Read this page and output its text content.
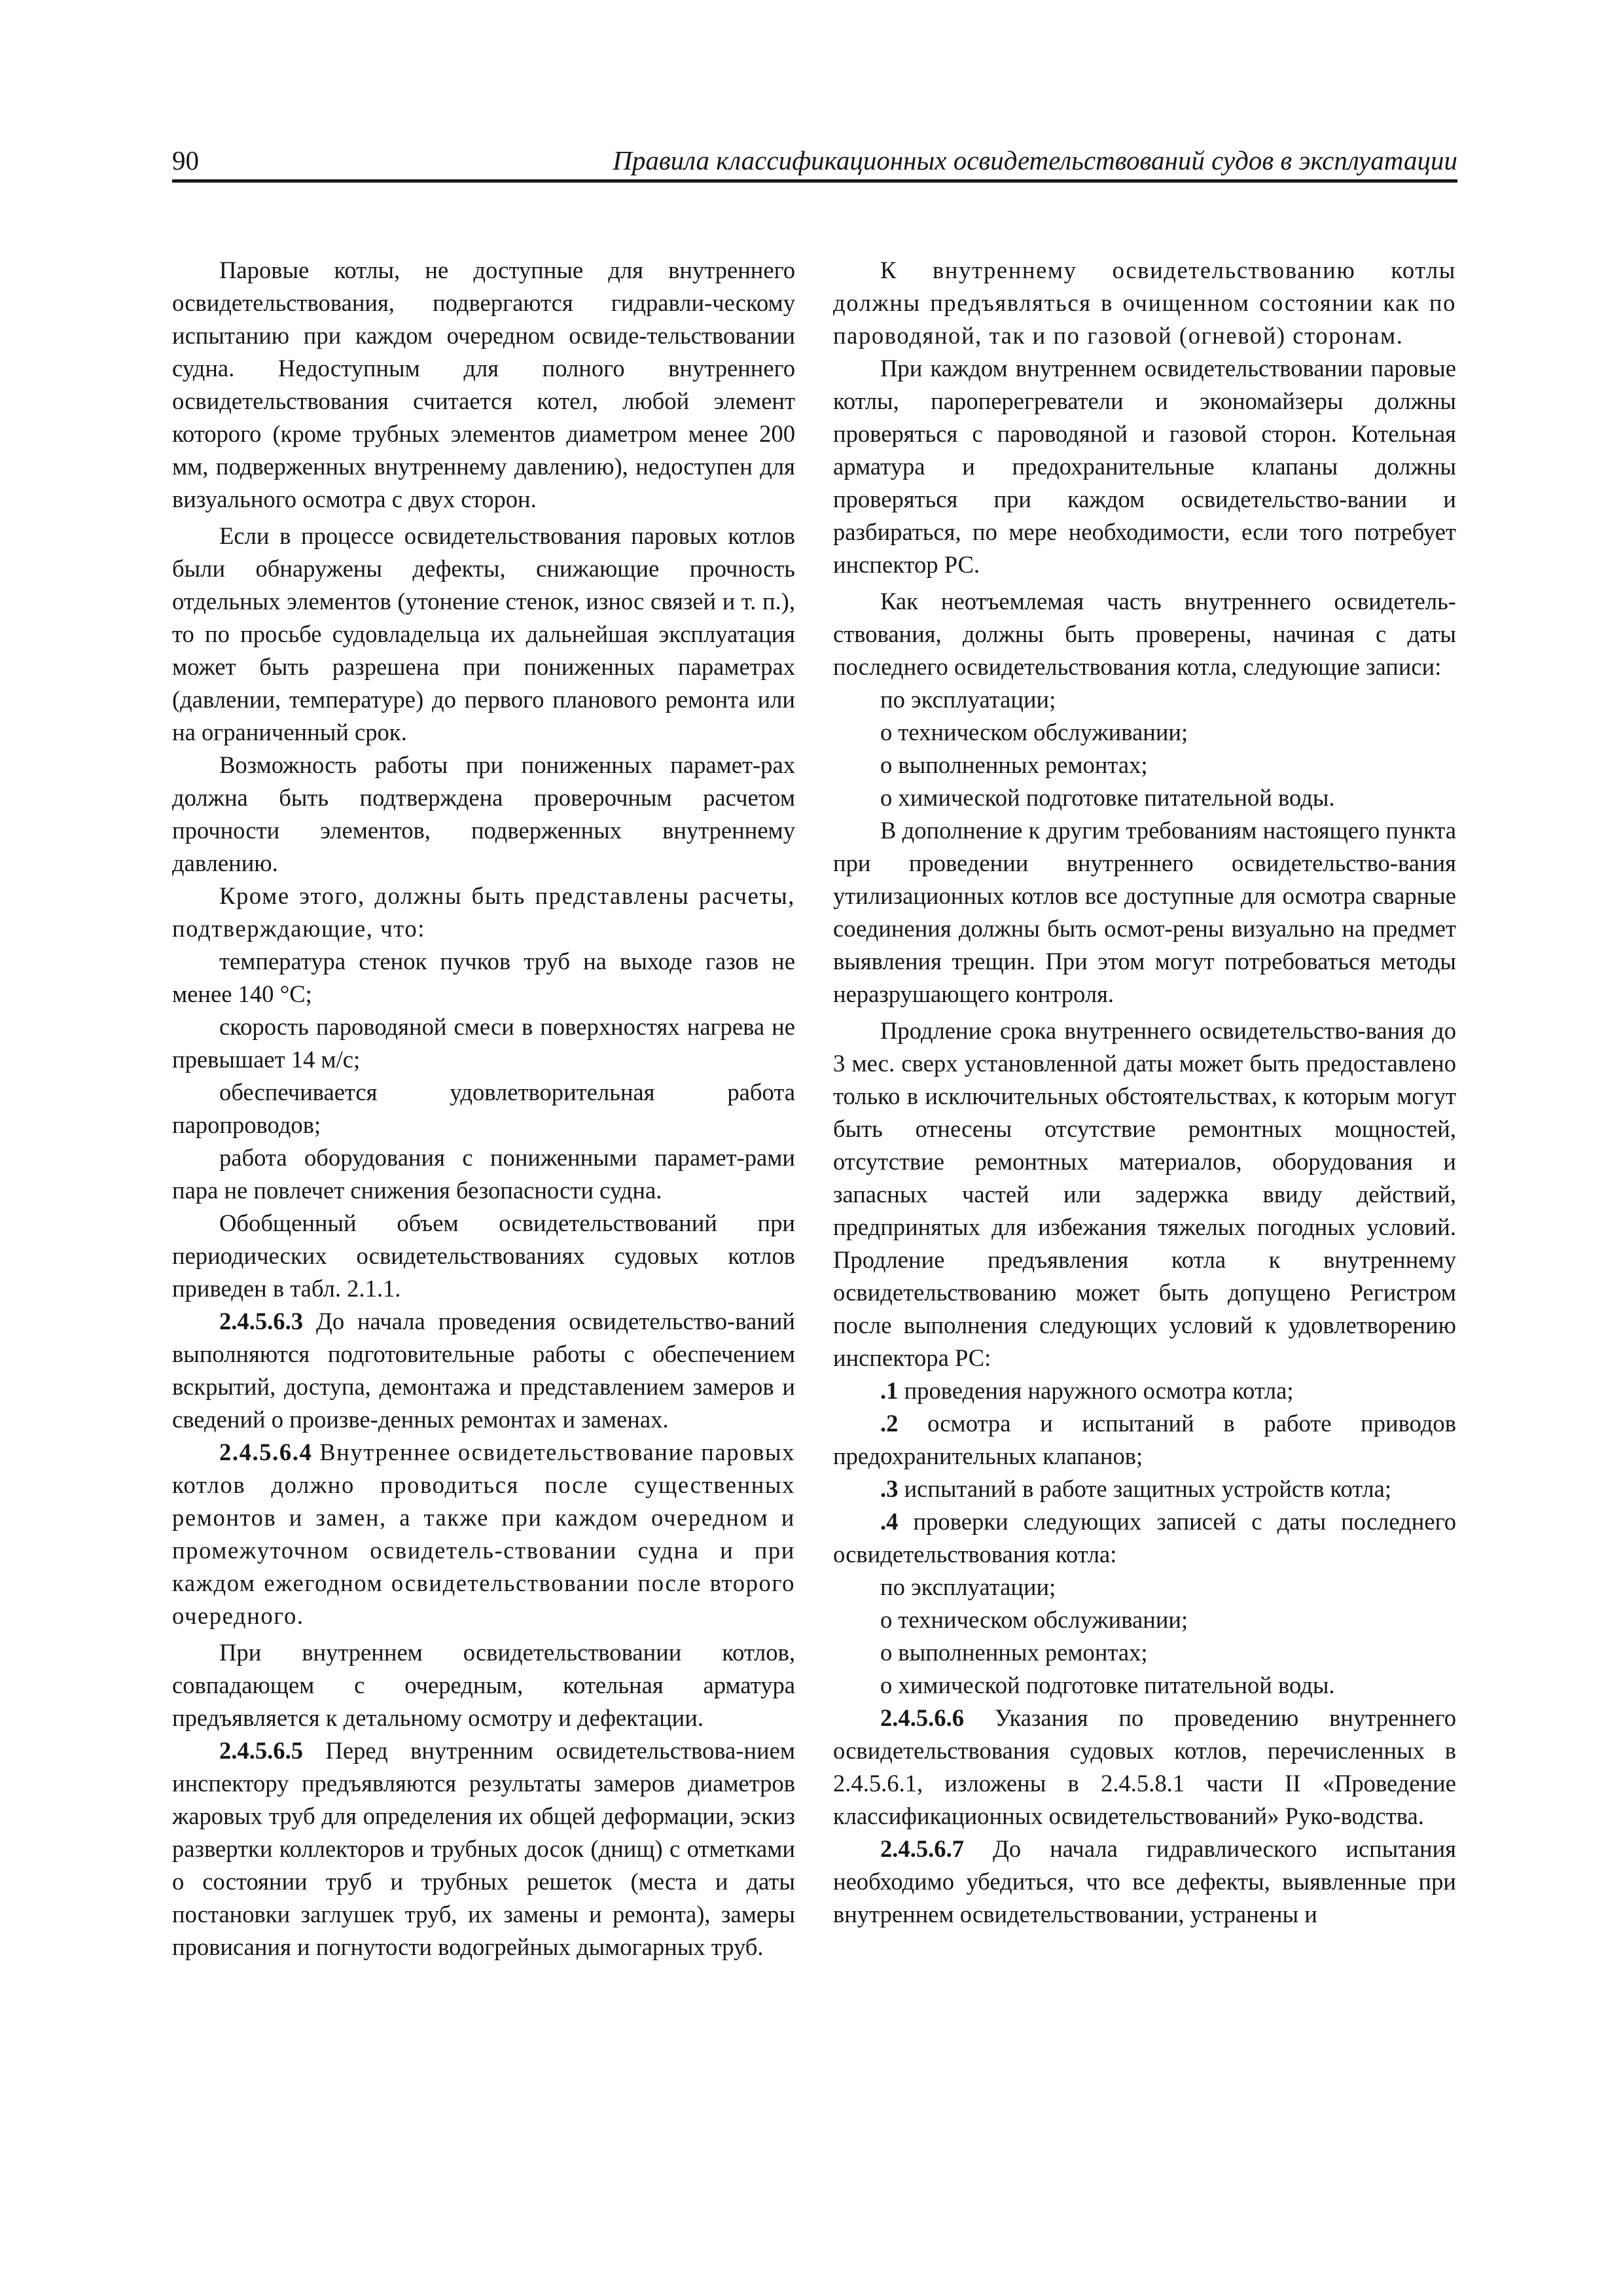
90	Правила классификационных освидетельствований судов в эксплуатации

Паровые котлы, не доступные для внутреннего освидетельствования, подвергаются гидравли-ческому испытанию при каждом очередном освиде-тельствовании судна. Недоступным для полного внутреннего освидетельствования считается котел, любой элемент которого (кроме трубных элементов диаметром менее 200 мм, подверженных внутреннему давлению), недоступен для визуального осмотра с двух сторон.

Если в процессе освидетельствования паровых котлов были обнаружены дефекты, снижающие прочность отдельных элементов (утонение стенок, износ связей и т. п.), то по просьбе судовладельца их дальнейшая эксплуатация может быть разрешена при пониженных параметрах (давлении, температуре) до первого планового ремонта или на ограниченный срок.

Возможность работы при пониженных парамет-рах должна быть подтверждена проверочным расчетом прочности элементов, подверженных внутреннему давлению.

Кроме этого, должны быть представлены расчеты, подтверждающие, что:

температура стенок пучков труб на выходе газов не менее 140 °C;

скорость пароводяной смеси в поверхностях нагрева не превышает 14 м/с;

обеспечивается удовлетворительная работа паропроводов;

работа оборудования с пониженными парамет-рами пара не повлечет снижения безопасности судна.

Обобщенный объем освидетельствований при периодических освидетельствованиях судовых котлов приведен в табл. 2.1.1.

2.4.5.6.3 До начала проведения освидетельство-ваний выполняются подготовительные работы с обеспечением вскрытий, доступа, демонтажа и представлением замеров и сведений о произве-денных ремонтах и заменах.

2.4.5.6.4 Внутреннее освидетельствование паровых котлов должно проводиться после существенных ремонтов и замен, а также при каждом очередном и промежуточном освидетель-ствовании судна и при каждом ежегодном освидетельствовании после второго очередного.

При внутреннем освидетельствовании котлов, совпадающем с очередным, котельная арматура предъявляется к детальному осмотру и дефектации.

2.4.5.6.5 Перед внутренним освидетельствова-нием инспектору предъявляются результаты замеров диаметров жаровых труб для определения их общей деформации, эскиз развертки коллекторов и трубных досок (днищ) с отметками о состоянии труб и трубных решеток (места и даты постановки заглушек труб, их замены и ремонта), замеры провисания и погнутости водогрейных дымогарных труб.

К внутреннему освидетельствованию котлы должны предъявляться в очищенном состоянии как по пароводяной, так и по газовой (огневой) сторонам.

При каждом внутреннем освидетельствовании паровые котлы, пароперегреватели и экономайзеры должны проверяться с пароводяной и газовой сторон. Котельная арматура и предохранительные клапаны должны проверяться при каждом освидетельство-вании и разбираться, по мере необходимости, если того потребует инспектор РС.

Как неотъемлемая часть внутреннего освидетель-ствования, должны быть проверены, начиная с даты последнего освидетельствования котла, следующие записи:

по эксплуатации;

о техническом обслуживании;

о выполненных ремонтах;

о химической подготовке питательной воды.

В дополнение к другим требованиям настоящего пункта при проведении внутреннего освидетельство-вания утилизационных котлов все доступные для осмотра сварные соединения должны быть осмот-рены визуально на предмет выявления трещин. При этом могут потребоваться методы неразрушающего контроля.

Продление срока внутреннего освидетельство-вания до 3 мес. сверх установленной даты может быть предоставлено только в исключительных обстоятельствах, к которым могут быть отнесены отсутствие ремонтных мощностей, отсутствие ремонтных материалов, оборудования и запасных частей или задержка ввиду действий, предпринятых для избежания тяжелых погодных условий. Продление предъявления котла к внутреннему освидетельствованию может быть допущено Регистром после выполнения следующих условий к удовлетворению инспектора РС:

.1 проведения наружного осмотра котла;

.2 осмотра и испытаний в работе приводов предохранительных клапанов;

.3 испытаний в работе защитных устройств котла;

.4 проверки следующих записей с даты последнего освидетельствования котла:

по эксплуатации;

о техническом обслуживании;

о выполненных ремонтах;

о химической подготовке питательной воды.

2.4.5.6.6 Указания по проведению внутреннего освидетельствования судовых котлов, перечисленных в 2.4.5.6.1, изложены в 2.4.5.8.1 части II «Проведение классификационных освидетельствований» Руко-водства.

2.4.5.6.7 До начала гидравлического испытания необходимо убедиться, что все дефекты, выявленные при внутреннем освидетельствовании, устранены и
